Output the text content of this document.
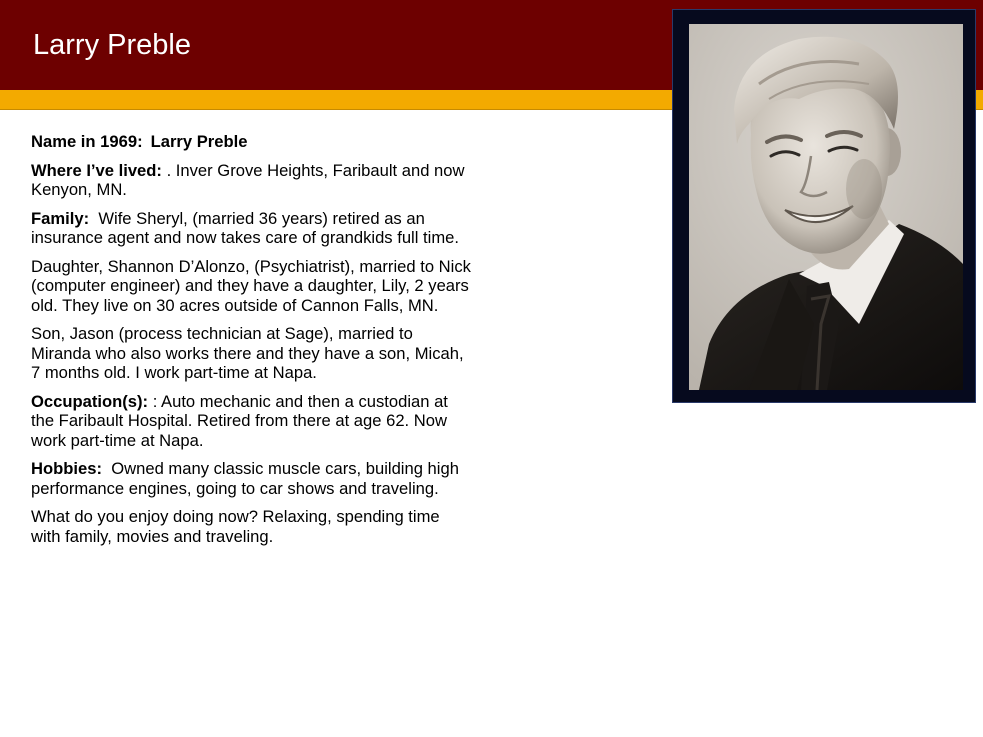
Larry Preble

Name in 1969: Larry Preble

Where I’ve lived: . Inver Grove Heights, Faribault and now Kenyon, MN.

Family: Wife Sheryl, (married 36 years) retired as an insurance agent and now takes care of grandkids full time.

Daughter, Shannon D’Alonzo, (Psychiatrist), married to Nick (computer engineer) and they have a daughter, Lily, 2 years old. They live on 30 acres outside of Cannon Falls, MN.

Son, Jason (process technician at Sage), married to Miranda who also works there and they have a son, Micah, 7 months old. I work part-time at Napa.

Occupation(s): : Auto mechanic and then a custodian at the Faribault Hospital. Retired from there at age 62. Now work part-time at Napa.

Hobbies: Owned many classic muscle cars, building high performance engines, going to car shows and traveling.

What do you enjoy doing now? Relaxing, spending time with family, movies and traveling.
